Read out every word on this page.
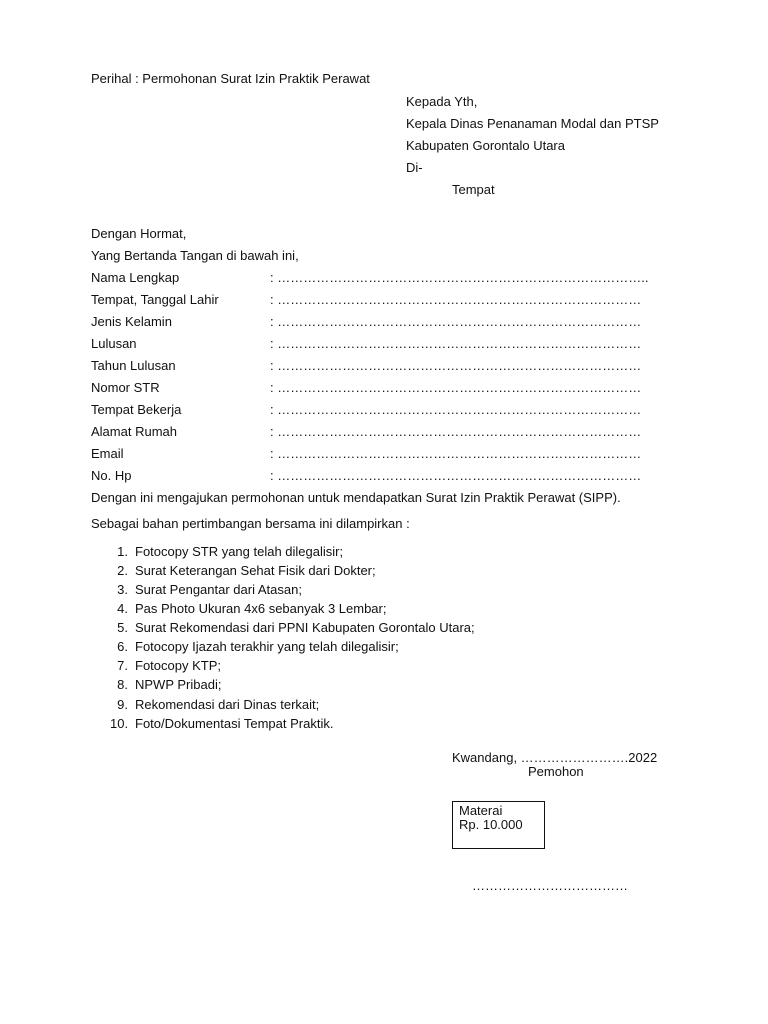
Perihal : Permohonan Surat Izin Praktik Perawat
Kepada Yth,
Kepala Dinas Penanaman Modal dan PTSP
Kabupaten Gorontalo Utara
Di-
Tempat
Dengan Hormat,
Yang Bertanda Tangan di bawah ini,
Nama Lengkap	: …………………………………………………………………………..
Tempat, Tanggal Lahir	: …………………………………………………………………………
Jenis Kelamin	: …………………………………………………………………………
Lulusan	: …………………………………………………………………………
Tahun Lulusan	: …………………………………………………………………………
Nomor STR	: …………………………………………………………………………
Tempat Bekerja	: …………………………………………………………………………
Alamat Rumah	: …………………………………………………………………………
Email	: …………………………………………………………………………
No. Hp	: …………………………………………………………………………
Dengan ini mengajukan permohonan untuk mendapatkan Surat Izin Praktik Perawat (SIPP).
Sebagai bahan pertimbangan bersama ini dilampirkan :
1. Fotocopy STR yang telah dilegalisir;
2. Surat Keterangan Sehat Fisik dari Dokter;
3. Surat Pengantar dari Atasan;
4. Pas Photo Ukuran 4x6 sebanyak 3 Lembar;
5. Surat Rekomendasi dari PPNI Kabupaten Gorontalo Utara;
6. Fotocopy Ijazah terakhir yang telah dilegalisir;
7. Fotocopy KTP;
8. NPWP Pribadi;
9. Rekomendasi dari Dinas terkait;
10. Foto/Dokumentasi Tempat Praktik.
Kwandang, …………………….2022
Pemohon
Materai
Rp. 10.000
………………………………
